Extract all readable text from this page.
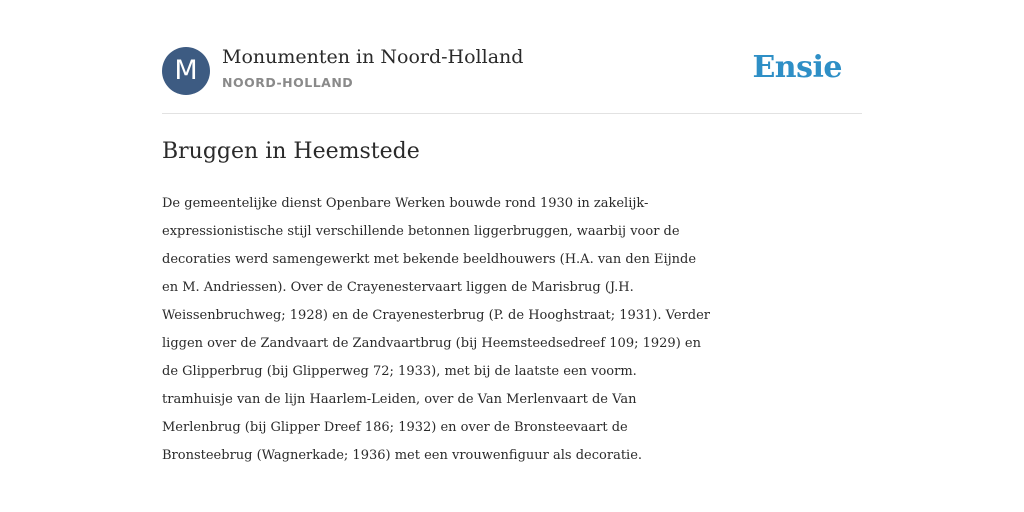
M	Monumenten in Noord-Holland
NOORD-HOLLAND	Ensie
Bruggen in Heemstede

De gemeentelijke dienst Openbare Werken bouwde rond 1930 in zakelijk-
expressionistische stijl verschillende betonnen liggerbruggen, waarbij voor de
decoraties werd samengewerkt met bekende beeldhouwers (H.A. van den Eijnde
en M. Andriessen). Over de Crayenestervaart liggen de Marisbrug (J.H.
Weissenbruchweg; 1928) en de Crayenesterbrug (P. de Hooghstraat; 1931). Verder
liggen over de Zandvaart de Zandvaartbrug (bij Heemsteedsedreef 109; 1929) en
de Glipperbrug (bij Glipperweg 72; 1933), met bij de laatste een voorm.
tramhuisje van de lijn Haarlem-Leiden, over de Van Merlenvaart de Van
Merlenbrug (bij Glipper Dreef 186; 1932) en over de Bronsteevaart de
Bronsteebrug (Wagnerkade; 1936) met een vrouwenfiguur als decoratie.
